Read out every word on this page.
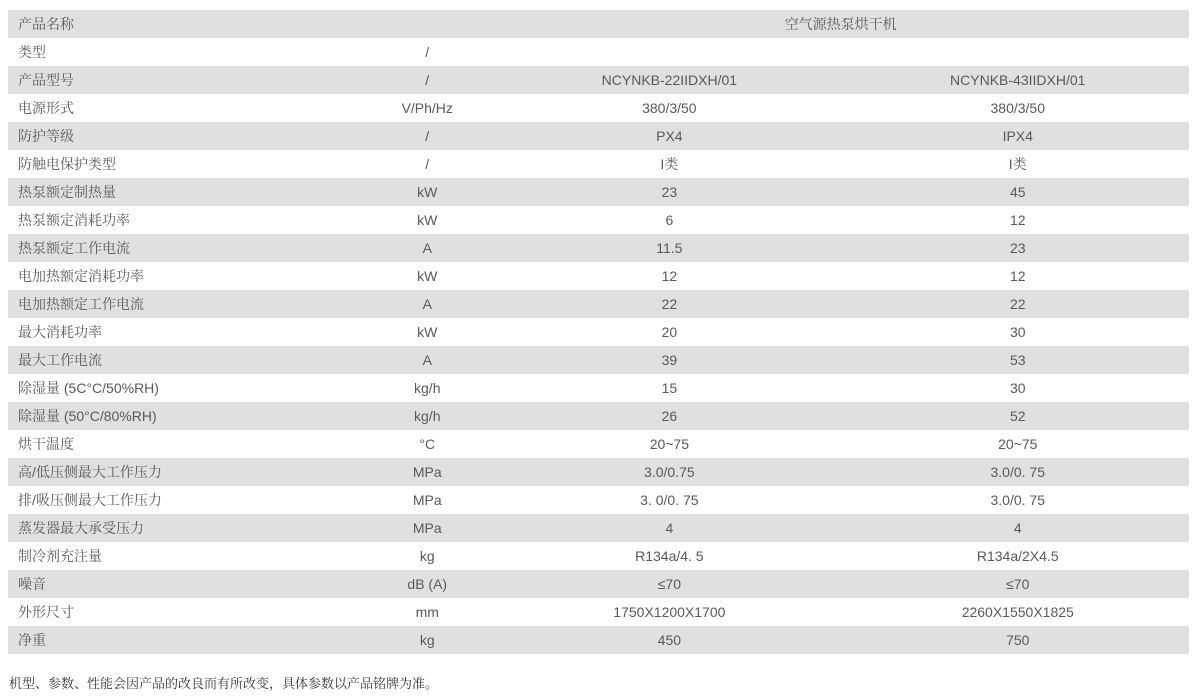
产品名称		空气源热泵烘干机	
类型	/		
产品型号	/	NCYNKB-22IIDXH/01	NCYNKB-43IIDXH/01
电源形式	V/Ph/Hz	380/3/50	380/3/50
防护等级	/	PX4	IPX4
防触电保护类型	/	I类	I类
热泵额定制热量	kW	23	45
热泵额定消耗功率	kW	6	12
热泵额定工作电流	A	11.5	23
电加热额定消耗功率	kW	12	12
电加热额定工作电流	A	22	22
最大消耗功率	kW	20	30
最大工作电流	A	39	53
除湿量 (5C°C/50%RH)	kg/h	15	30
除湿量 (50°C/80%RH)	kg/h	26	52
烘干温度	°C	20~75	20~75
高/低压侧最大工作压力	MPa	3.0/0.75	3.0/0. 75
排/吸压侧最大工作压力	MPa	3. 0/0. 75	3.0/0. 75
蒸发器最大承受压力	MPa	4	4
制冷剂充注量	kg	R134a/4. 5	R134a/2X4.5
噪音	dB (A)	≤70	≤70
外形尺寸	mm	1750X1200X1700	2260X1550X1825
净重	kg	450	750

机型、参数、性能会因产品的改良而有所改变，具体参数以产品铭牌为准。
